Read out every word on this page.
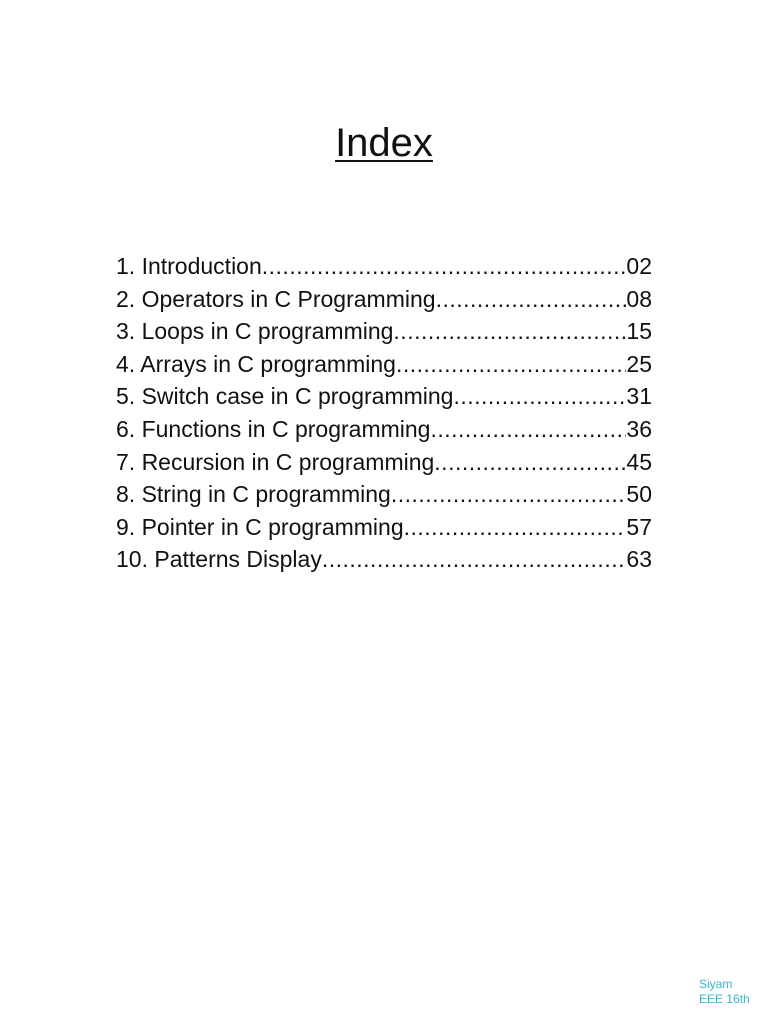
Index
1. Introduction .....	02
2. Operators in C Programming .....	08
3. Loops in C programming .....	15
4. Arrays in C programming .....	25
5. Switch case in C programming .....	31
6. Functions in C programming .....	36
7. Recursion in C programming .....	45
8. String in C programming .....	50
9. Pointer in C programming .....	57
10. Patterns Display .....	63
Siyam
EEE 16th
